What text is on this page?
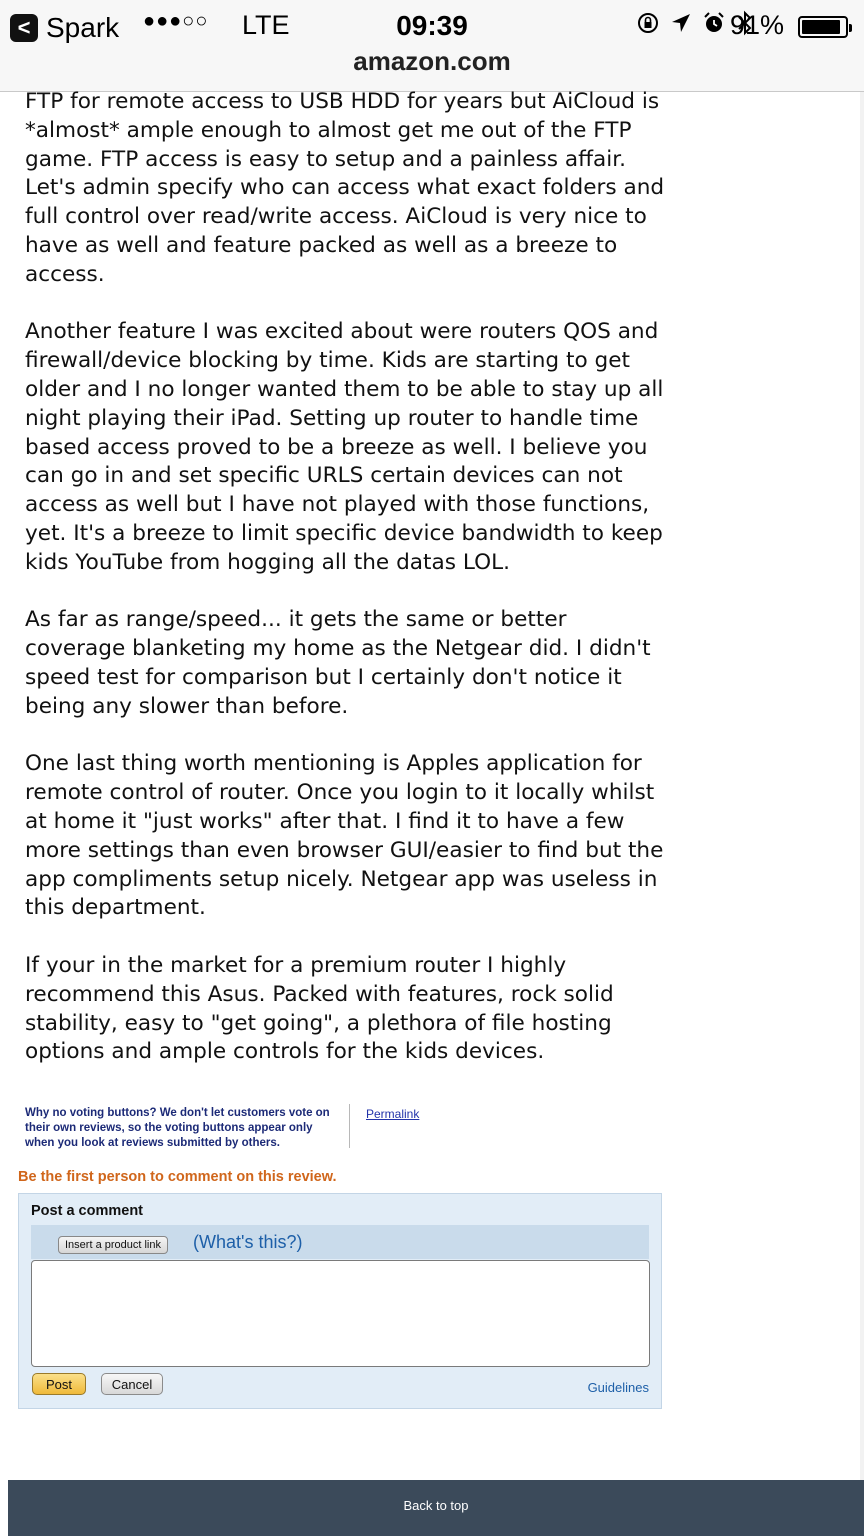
< Spark ●●●○○ LTE	09:39	91%
amazon.com

FTP for remote access to USB HDD for years but AiCloud is *almost* ample enough to almost get me out of the FTP game. FTP access is easy to setup and a painless affair. Let's admin specify who can access what exact folders and full control over read/write access. AiCloud is very nice to have as well and feature packed as well as a breeze to access.

Another feature I was excited about were routers QOS and firewall/device blocking by time. Kids are starting to get older and I no longer wanted them to be able to stay up all night playing their iPad. Setting up router to handle time based access proved to be a breeze as well. I believe you can go in and set specific URLS certain devices can not access as well but I have not played with those functions, yet. It's a breeze to limit specific device bandwidth to keep kids YouTube from hogging all the datas LOL.

As far as range/speed... it gets the same or better coverage blanketing my home as the Netgear did. I didn't speed test for comparison but I certainly don't notice it being any slower than before.

One last thing worth mentioning is Apples application for remote control of router. Once you login to it locally whilst at home it "just works" after that. I find it to have a few more settings than even browser GUI/easier to find but the app compliments setup nicely. Netgear app was useless in this department.

If your in the market for a premium router I highly recommend this Asus. Packed with features, rock solid stability, easy to "get going", a plethora of file hosting options and ample controls for the kids devices.

Why no voting buttons? We don't let customers vote on their own reviews, so the voting buttons appear only when you look at reviews submitted by others.
Permalink
Be the first person to comment on this review.
Post a comment
Insert a product link	(What's this?)
Post	Cancel	Guidelines
Back to top
